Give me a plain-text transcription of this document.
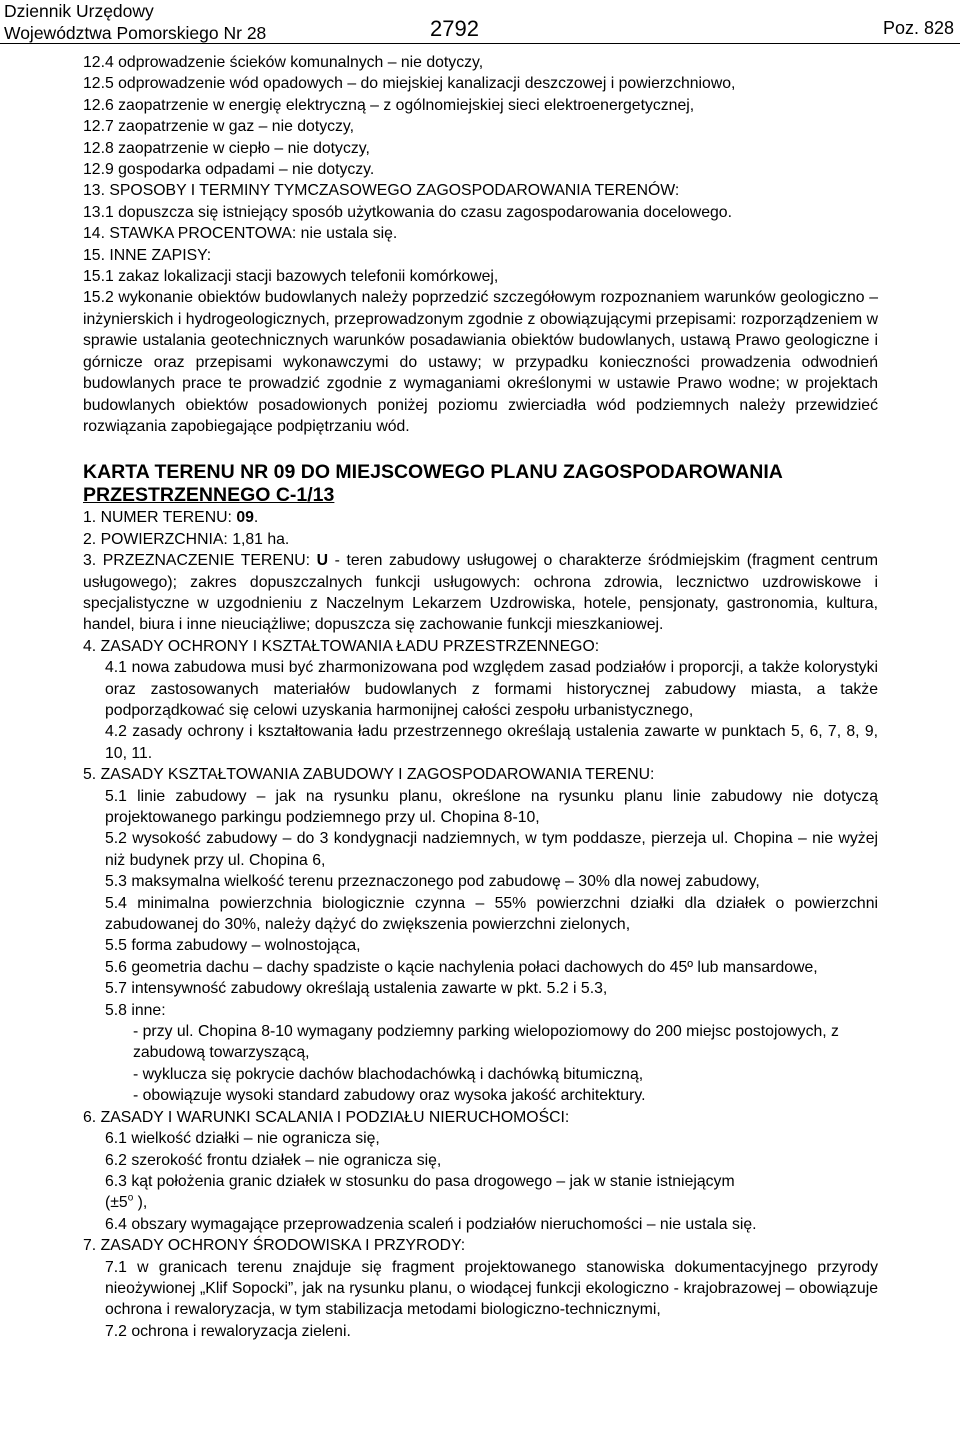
Dziennik Urzędowy
Województwa Pomorskiego Nr 28	2792	Poz. 828
12.4 odprowadzenie ścieków komunalnych – nie dotyczy,
12.5 odprowadzenie wód opadowych – do miejskiej kanalizacji deszczowej i powierzchniowo,
12.6 zaopatrzenie w energię elektryczną – z ogólnomiejskiej sieci elektroenergetycznej,
12.7 zaopatrzenie w gaz – nie dotyczy,
12.8 zaopatrzenie w ciepło – nie dotyczy,
12.9 gospodarka odpadami – nie dotyczy.
13. SPOSOBY I TERMINY TYMCZASOWEGO ZAGOSPODAROWANIA TERENÓW:
13.1 dopuszcza się istniejący sposób użytkowania do czasu zagospodarowania docelowego.
14. STAWKA PROCENTOWA: nie ustala się.
15. INNE ZAPISY:
15.1 zakaz lokalizacji stacji bazowych telefonii komórkowej,
15.2 wykonanie obiektów budowlanych należy poprzedzić szczegółowym rozpoznaniem warunków geologiczno – inżynierskich i hydrogeologicznych, przeprowadzonym zgodnie z obowiązującymi przepisami: rozporządzeniem w sprawie ustalania geotechnicznych warunków posadawiania obiektów budowlanych, ustawą Prawo geologiczne i górnicze oraz przepisami wykonawczymi do ustawy; w przypadku konieczności prowadzenia odwodnień budowlanych prace te prowadzić zgodnie z wymaganiami określonymi w ustawie Prawo wodne; w projektach budowlanych obiektów posadowionych poniżej poziomu zwierciadła wód podziemnych należy przewidzieć rozwiązania zapobiegające podpiętrzaniu wód.
KARTA TERENU NR 09 DO MIEJSCOWEGO PLANU ZAGOSPODAROWANIA
PRZESTRZENNEGO C-1/13
1. NUMER TERENU: 09.
2. POWIERZCHNIA: 1,81 ha.
3. PRZEZNACZENIE TERENU: U - teren zabudowy usługowej o charakterze śródmiejskim (fragment centrum usługowego); zakres dopuszczalnych funkcji usługowych: ochrona zdrowia, lecznictwo uzdrowiskowe i specjalistyczne w uzgodnieniu z Naczelnym Lekarzem Uzdrowiska, hotele, pensjonaty, gastronomia, kultura, handel, biura i inne nieuciążliwe; dopuszcza się zachowanie funkcji mieszkaniowej.
4. ZASADY OCHRONY I KSZTAŁTOWANIA ŁADU PRZESTRZENNEGO:
4.1 nowa zabudowa musi być zharmonizowana pod względem zasad podziałów i proporcji, a także kolorystyki oraz zastosowanych materiałów budowlanych z formami historycznej zabudowy miasta, a także podporządkować się celowi uzyskania harmonijnej całości zespołu urbanistycznego,
4.2 zasady ochrony i kształtowania ładu przestrzennego określają ustalenia zawarte w punktach 5, 6, 7, 8, 9, 10, 11.
5. ZASADY KSZTAŁTOWANIA ZABUDOWY I ZAGOSPODAROWANIA TERENU:
5.1 linie zabudowy – jak na rysunku planu, określone na rysunku planu linie zabudowy nie dotyczą projektowanego parkingu podziemnego przy ul. Chopina 8-10,
5.2 wysokość zabudowy – do 3 kondygnacji nadziemnych, w tym poddasze, pierzeja ul. Chopina – nie wyżej niż budynek przy ul. Chopina 6,
5.3 maksymalna wielkość terenu przeznaczonego pod zabudowę – 30% dla nowej zabudowy,
5.4 minimalna powierzchnia biologicznie czynna – 55% powierzchni działki dla działek o powierzchni zabudowanej do 30%, należy dążyć do zwiększenia powierzchni zielonych,
5.5 forma zabudowy – wolnostojąca,
5.6 geometria dachu – dachy spadziste o kącie nachylenia połaci dachowych do 45º lub mansardowe,
5.7 intensywność zabudowy określają ustalenia zawarte w pkt. 5.2 i 5.3,
5.8 inne:
- przy ul. Chopina 8-10 wymagany podziemny parking wielopoziomowy do 200 miejsc postojowych, z zabudową towarzyszącą,
- wyklucza się pokrycie dachów blachodachówką i dachówką bitumiczną,
- obowiązuje wysoki standard zabudowy oraz wysoka jakość architektury.
6. ZASADY I WARUNKI SCALANIA I PODZIAŁU NIERUCHOMOŚCI:
6.1 wielkość działki – nie ogranicza się,
6.2 szerokość frontu działek – nie ogranicza się,
6.3 kąt położenia granic działek w stosunku do pasa drogowego – jak w stanie istniejącym
($\pm 5^o$ ),
6.4 obszary wymagające przeprowadzenia scaleń i podziałów nieruchomości – nie ustala się.
7. ZASADY OCHRONY ŚRODOWISKA I PRZYRODY:
7.1 w granicach terenu znajduje się fragment projektowanego stanowiska dokumentacyjnego przyrody nieożywionej „Klif Sopocki”, jak na rysunku planu, o wiodącej funkcji ekologiczno - krajobrazowej – obowiązuje ochrona i rewaloryzacja, w tym stabilizacja metodami biologiczno-technicznymi,
7.2 ochrona i rewaloryzacja zieleni.
